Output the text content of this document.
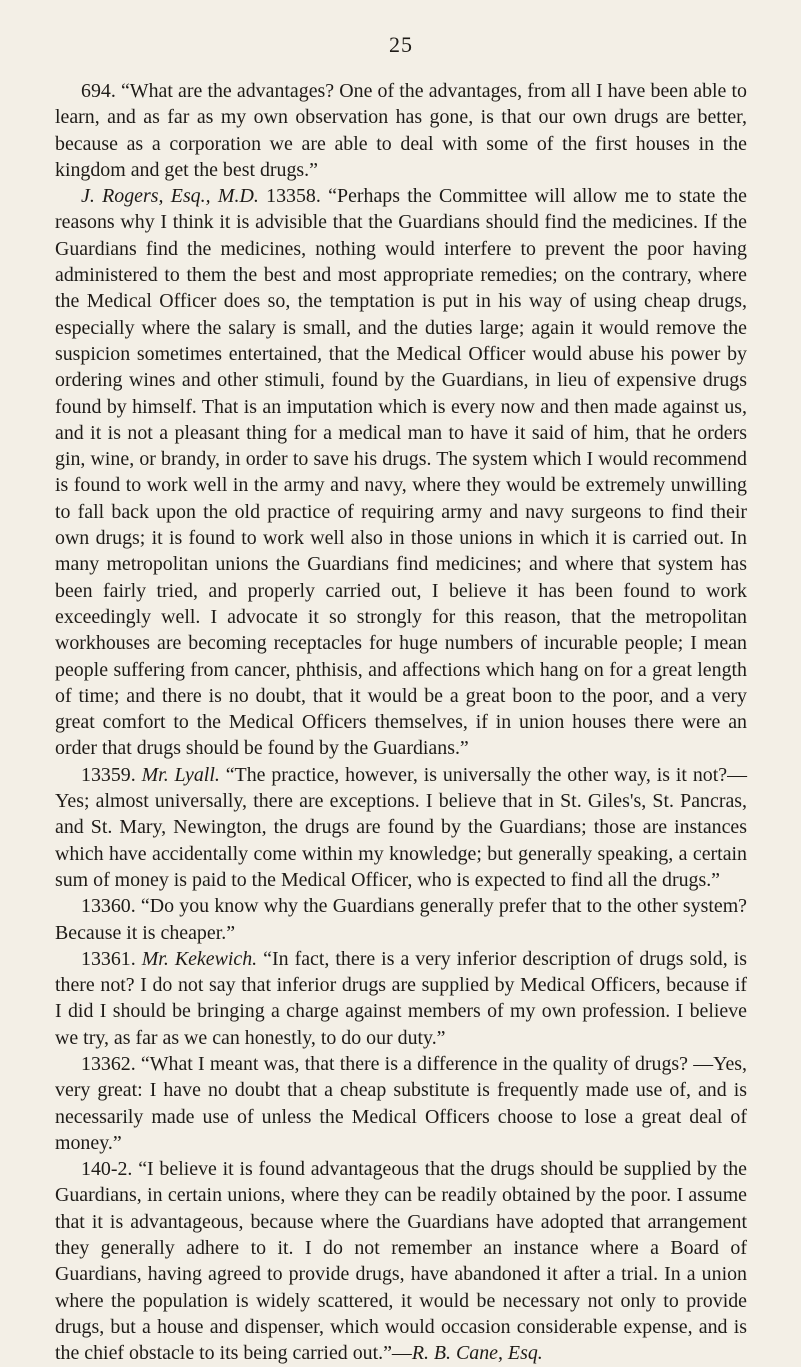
25

694. “What are the advantages? One of the advantages, from all I have been able to learn, and as far as my own observation has gone, is that our own drugs are better, because as a corporation we are able to deal with some of the first houses in the kingdom and get the best drugs.”

J. Rogers, Esq., M.D. 13358. “Perhaps the Committee will allow me to state the reasons why I think it is advisible that the Guardians should find the medicines. If the Guardians find the medicines, nothing would interfere to prevent the poor having administered to them the best and most appropriate remedies; on the contrary, where the Medical Officer does so, the temptation is put in his way of using cheap drugs, especially where the salary is small, and the duties large; again it would remove the suspicion sometimes entertained, that the Medical Officer would abuse his power by ordering wines and other stimuli, found by the Guardians, in lieu of expensive drugs found by himself. That is an imputation which is every now and then made against us, and it is not a pleasant thing for a medical man to have it said of him, that he orders gin, wine, or brandy, in order to save his drugs. The system which I would recommend is found to work well in the army and navy, where they would be extremely unwilling to fall back upon the old practice of requiring army and navy surgeons to find their own drugs; it is found to work well also in those unions in which it is carried out. In many metropolitan unions the Guardians find medicines; and where that system has been fairly tried, and properly carried out, I believe it has been found to work exceedingly well. I advocate it so strongly for this reason, that the metropolitan workhouses are becoming receptacles for huge numbers of incurable people; I mean people suffering from cancer, phthisis, and affections which hang on for a great length of time; and there is no doubt, that it would be a great boon to the poor, and a very great comfort to the Medical Officers themselves, if in union houses there were an order that drugs should be found by the Guardians.”

13359. Mr. Lyall. “The practice, however, is universally the other way, is it not?—Yes; almost universally, there are exceptions. I believe that in St. Giles's, St. Pancras, and St. Mary, Newington, the drugs are found by the Guardians; those are instances which have accidentally come within my knowledge; but generally speaking, a certain sum of money is paid to the Medical Officer, who is expected to find all the drugs.”

13360. “Do you know why the Guardians generally prefer that to the other system? Because it is cheaper.”

13361. Mr. Kekewich. “In fact, there is a very inferior description of drugs sold, is there not? I do not say that inferior drugs are supplied by Medical Officers, because if I did I should be bringing a charge against members of my own profession. I believe we try, as far as we can honestly, to do our duty.”

13362. “What I meant was, that there is a difference in the quality of drugs? —Yes, very great: I have no doubt that a cheap substitute is frequently made use of, and is necessarily made use of unless the Medical Officers choose to lose a great deal of money.”

140-2. “I believe it is found advantageous that the drugs should be supplied by the Guardians, in certain unions, where they can be readily obtained by the poor. I assume that it is advantageous, because where the Guardians have adopted that arrangement they generally adhere to it. I do not remember an instance where a Board of Guardians, having agreed to provide drugs, have abandoned it after a trial. In a union where the population is widely scattered, it would be necessary not only to provide drugs, but a house and dispenser, which would occasion considerable expense, and is the chief obstacle to its being carried out.”—R. B. Cane, Esq.
